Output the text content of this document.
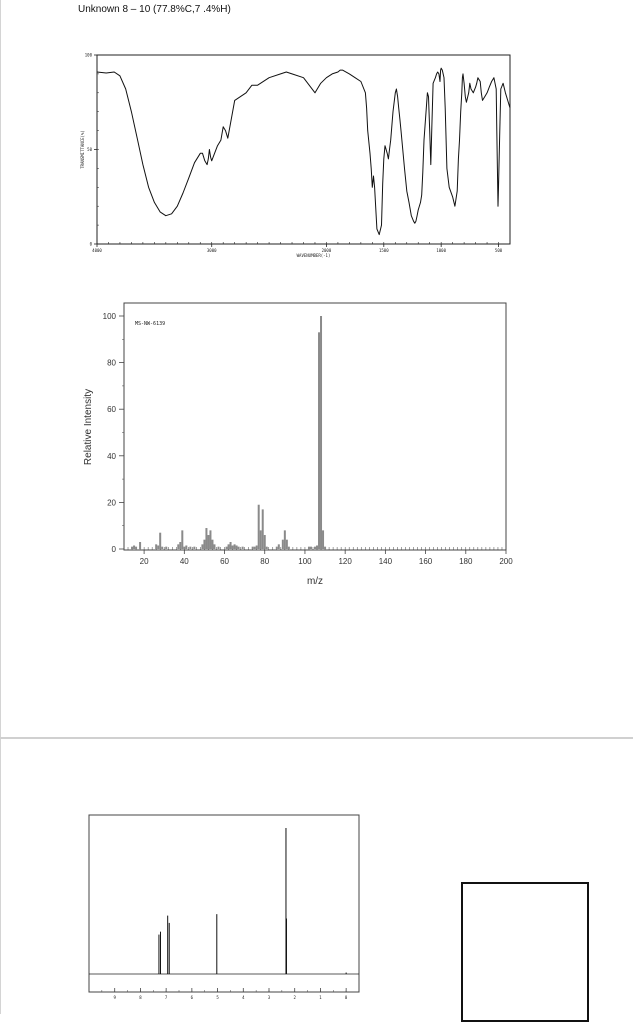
Unknown 8 – 10 (77.8%C,7 .4%H)
4000	3000	2000	1500	1000	500
0
50
100
WAVENUMBER(-1)
TRANSMITTANCE(%)
20	40	60	80	100	120	140	160	180	200
0
20
40
60
80
100
m/z
Relative Intensity
MS-NW-6139
9	8	7	6	5	4	3	2	1	0
